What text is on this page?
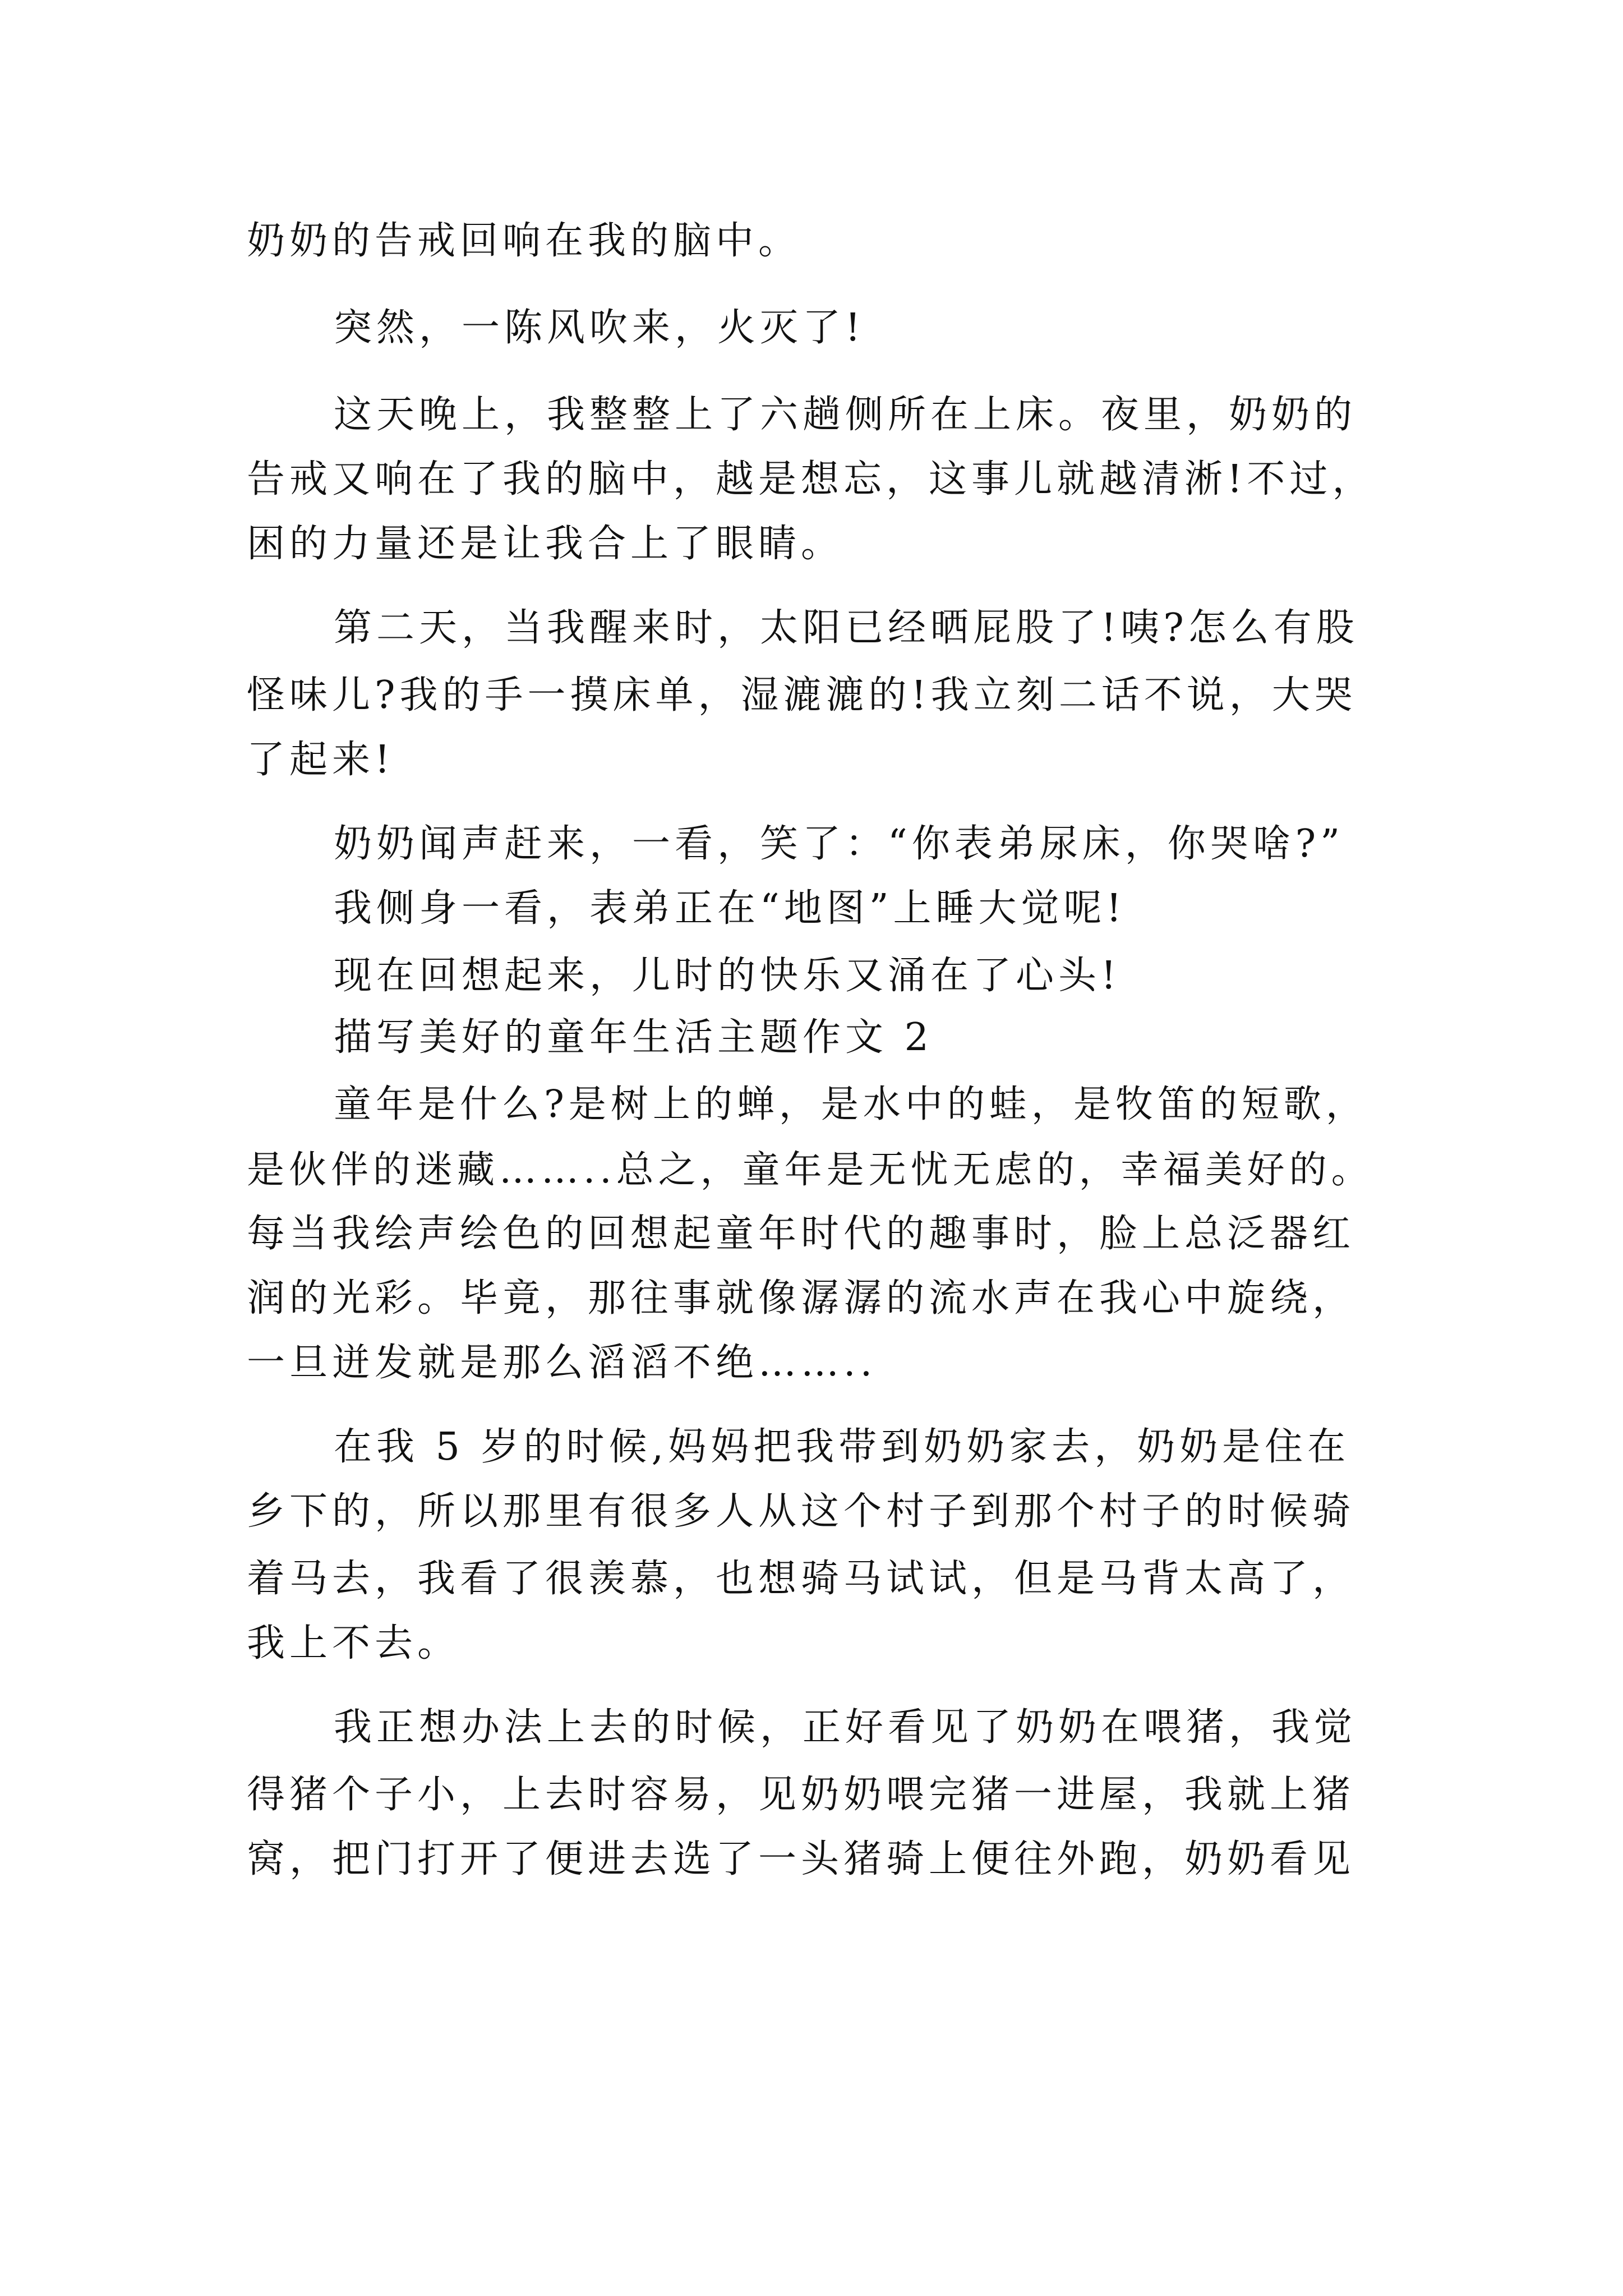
奶奶的告戒回响在我的脑中。
突然，一陈风吹来，火灭了!
这天晚上，我整整上了六趟侧所在上床。夜里，奶奶的
告戒又响在了我的脑中，越是想忘，这事儿就越清淅!不过，
困的力量还是让我合上了眼睛。
第二天，当我醒来时，太阳已经晒屁股了!咦?怎么有股
怪味儿?我的手一摸床单，湿漉漉的!我立刻二话不说，大哭
了起来!
奶奶闻声赶来，一看，笑了：“你表弟尿床，你哭啥?”
我侧身一看，表弟正在“地图”上睡大觉呢!
现在回想起来，儿时的快乐又涌在了心头!
描写美好的童年生活主题作文 2
童年是什么?是树上的蝉，是水中的蛙，是牧笛的短歌，
是伙伴的迷藏……..总之，童年是无忧无虑的，幸福美好的。
每当我绘声绘色的回想起童年时代的趣事时，脸上总泛器红
润的光彩。毕竟，那往事就像潺潺的流水声在我心中旋绕，
一旦迸发就是那么滔滔不绝……..
在我 5 岁的时候,妈妈把我带到奶奶家去，奶奶是住在
乡下的，所以那里有很多人从这个村子到那个村子的时候骑
着马去，我看了很羡慕，也想骑马试试，但是马背太高了，
我上不去。
我正想办法上去的时候，正好看见了奶奶在喂猪，我觉
得猪个子小，上去时容易，见奶奶喂完猪一进屋，我就上猪
窝，把门打开了便进去选了一头猪骑上便往外跑，奶奶看见
